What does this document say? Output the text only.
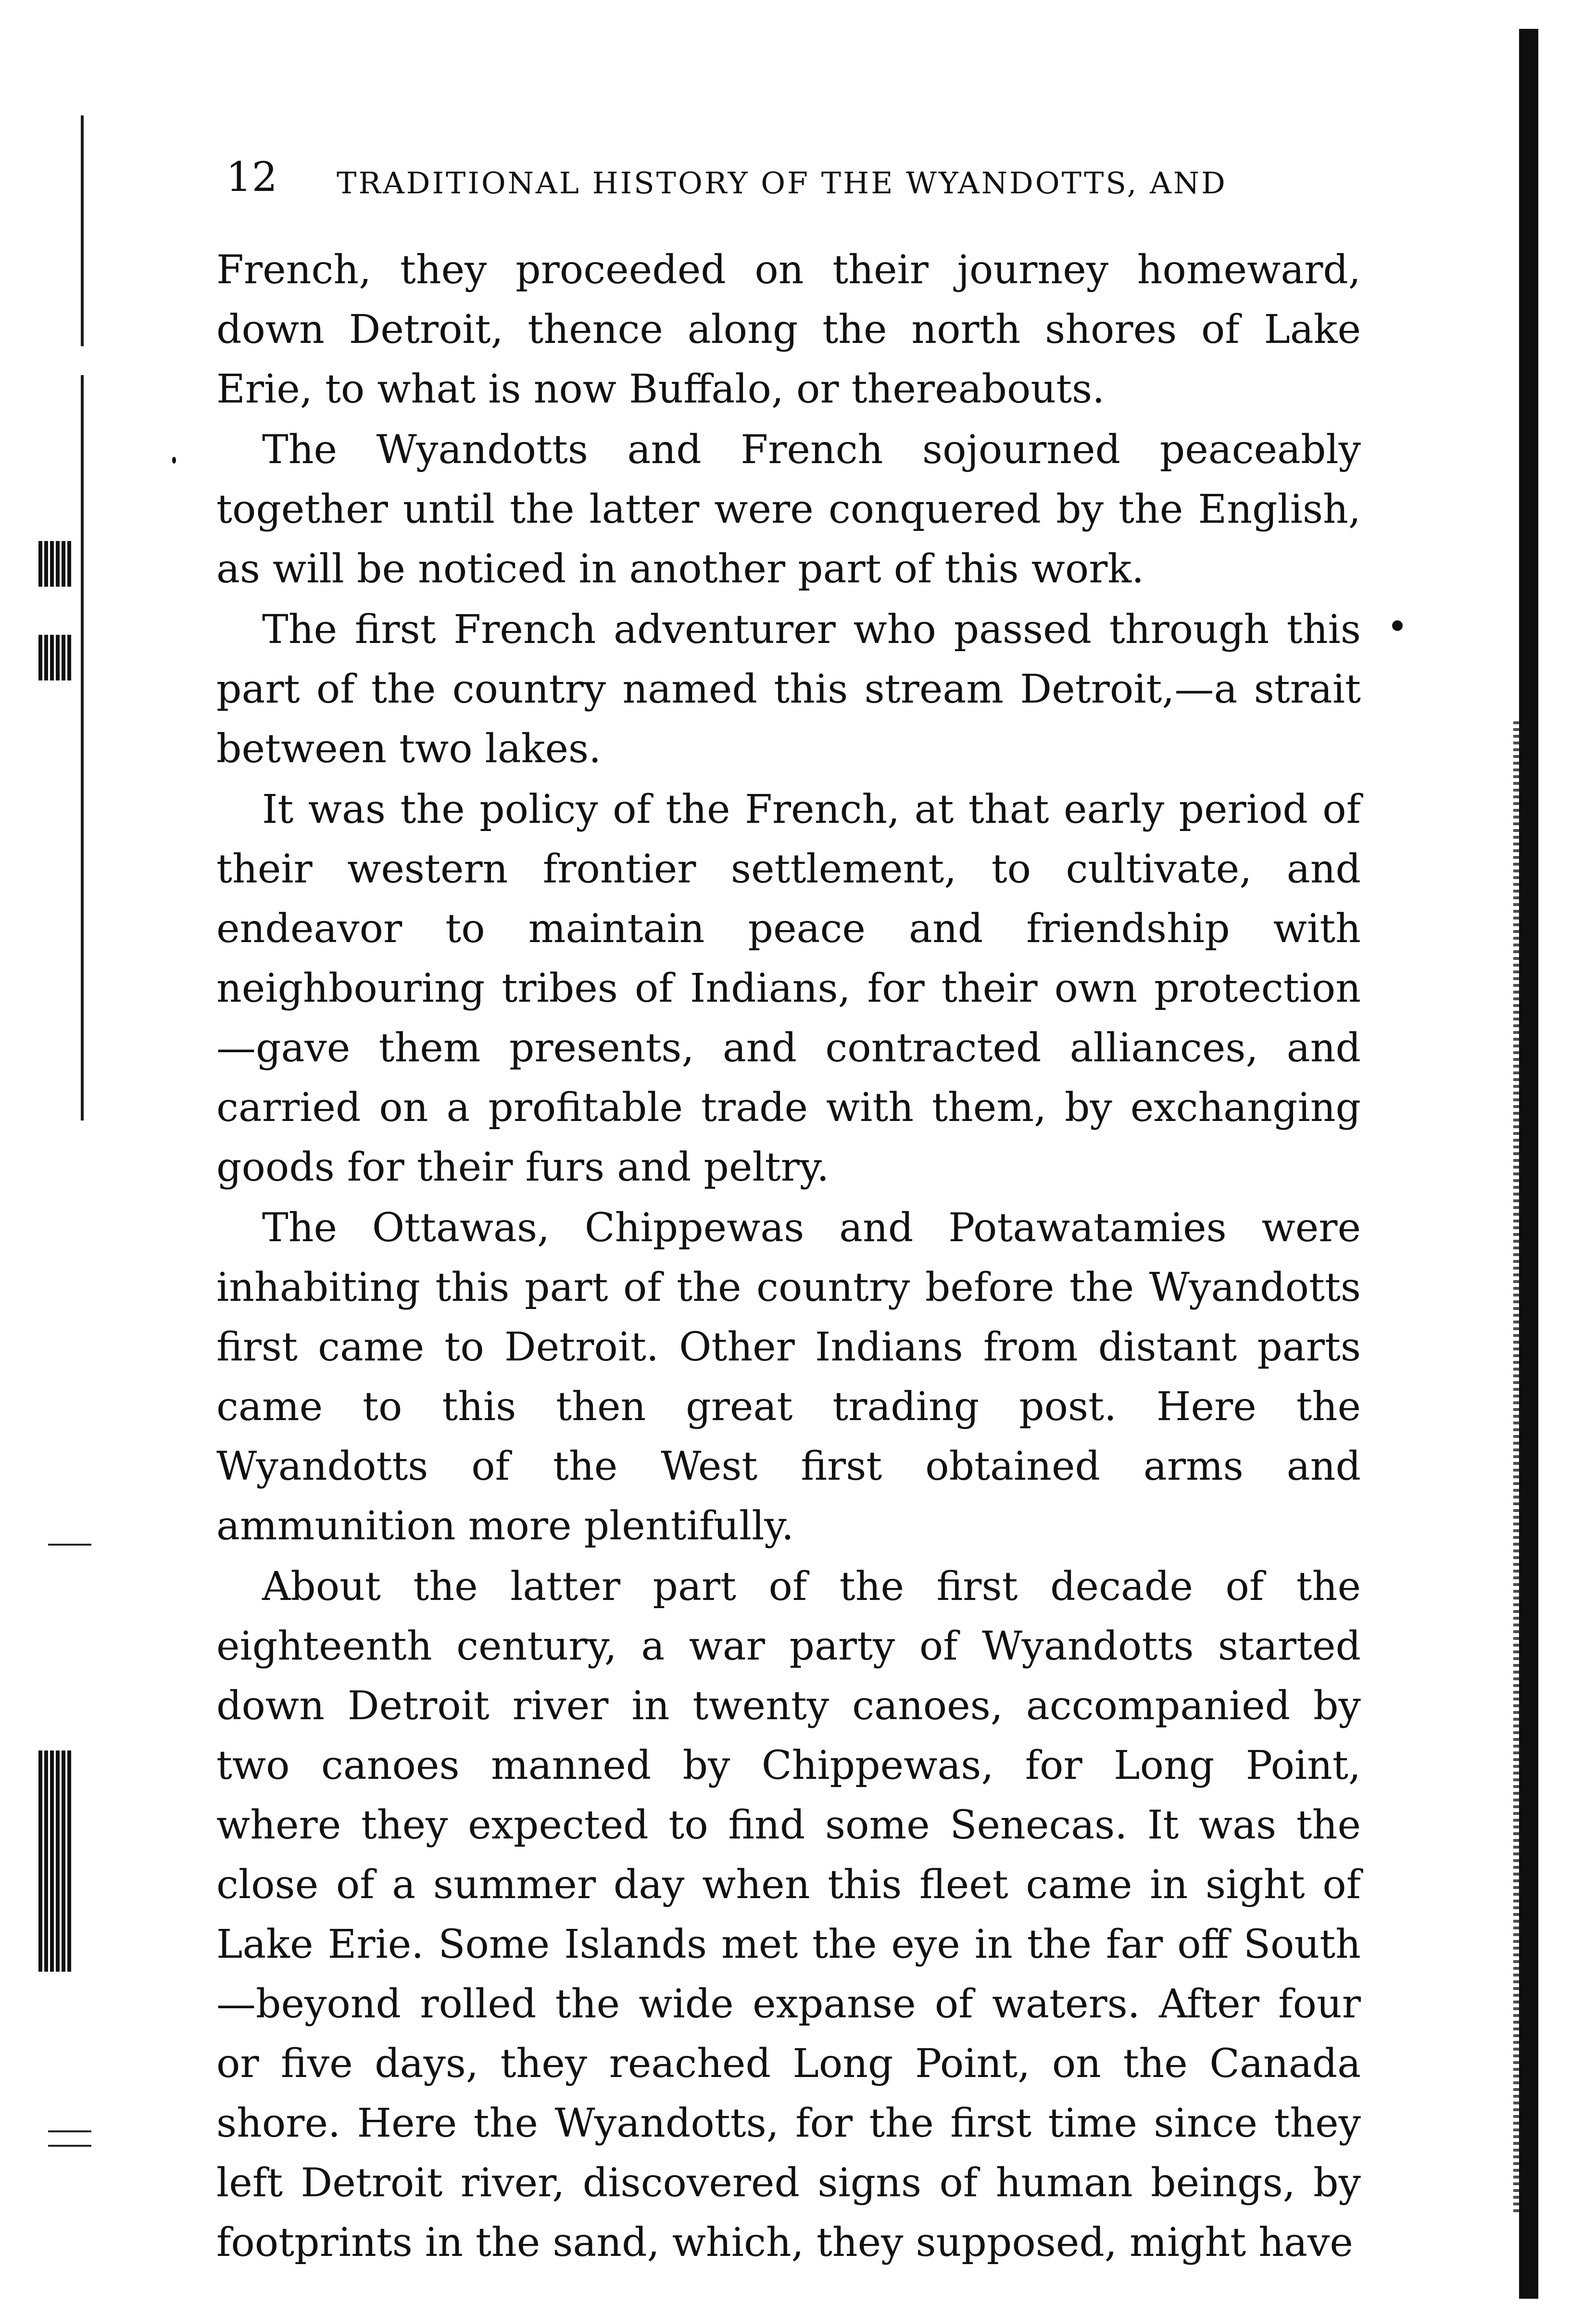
12 TRADITIONAL HISTORY OF THE WYANDOTTS, AND

French, they proceeded on their journey homeward, down Detroit, thence along the north shores of Lake Erie, to what is now Buffalo, or thereabouts.

The Wyandotts and French sojourned peaceably together until the latter were conquered by the English, as will be noticed in another part of this work.

The first French adventurer who passed through this part of the country named this stream Detroit,—a strait between two lakes.

It was the policy of the French, at that early period of their western frontier settlement, to cultivate, and endeavor to maintain peace and friendship with neighbouring tribes of Indians, for their own protection—gave them presents, and contracted alliances, and carried on a profitable trade with them, by exchanging goods for their furs and peltry.

The Ottawas, Chippewas and Potawatamies were inhabiting this part of the country before the Wyandotts first came to Detroit. Other Indians from distant parts came to this then great trading post. Here the Wyandotts of the West first obtained arms and ammunition more plentifully.

About the latter part of the first decade of the eighteenth century, a war party of Wyandotts started down Detroit river in twenty canoes, accompanied by two canoes manned by Chippewas, for Long Point, where they expected to find some Senecas. It was the close of a summer day when this fleet came in sight of Lake Erie. Some Islands met the eye in the far off South—beyond rolled the wide expanse of waters. After four or five days, they reached Long Point, on the Canada shore. Here the Wyandotts, for the first time since they left Detroit river, discovered signs of human beings, by footprints in the sand, which, they supposed, might have
